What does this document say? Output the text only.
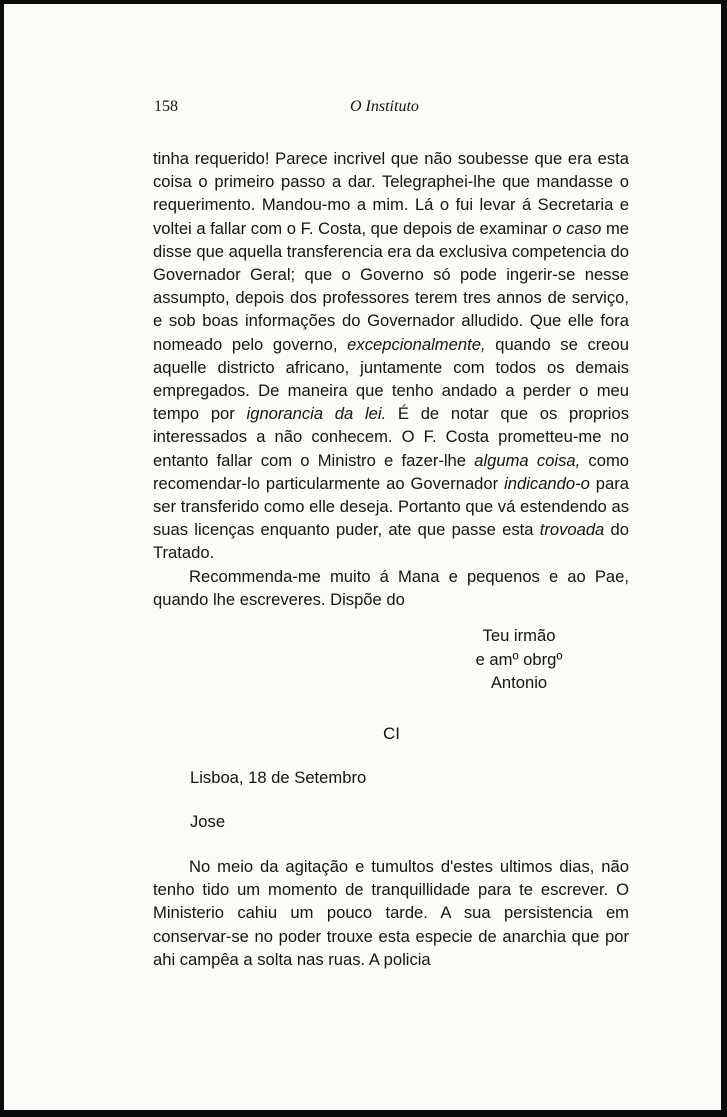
158	O Instituto

tinha requerido! Parece incrivel que não soubesse que era esta coisa o primeiro passo a dar. Telegraphei-lhe que mandasse o requerimento. Mandou-mo a mim. Lá o fui levar á Secretaria e voltei a fallar com o F. Costa, que depois de examinar o caso me disse que aquella transferencia era da exclusiva competencia do Governador Geral; que o Governo só pode ingerir-se nesse assumpto, depois dos professores terem tres annos de serviço, e sob boas informações do Governador alludido. Que elle fora nomeado pelo governo, excepcionalmente, quando se creou aquelle districto africano, juntamente com todos os demais empregados. De maneira que tenho andado a perder o meu tempo por ignorancia da lei. É de notar que os proprios interessados a não conhecem. O F. Costa prometteu-me no entanto fallar com o Ministro e fazer-lhe alguma coisa, como recomendar-lo particularmente ao Governador indicando-o para ser transferido como elle deseja. Portanto que vá estendendo as suas licenças enquanto puder, ate que passe esta trovoada do Tratado.

Recommenda-me muito á Mana e pequenos e ao Pae, quando lhe escreveres. Dispõe do

Teu irmão
e amº obrgº
Antonio
CI
Lisboa, 18 de Setembro
Jose

No meio da agitação e tumultos d'estes ultimos dias, não tenho tido um momento de tranquillidade para te escrever. O Ministerio cahiu um pouco tarde. A sua persistencia em conservar-se no poder trouxe esta especie de anarchia que por ahi campêa a solta nas ruas. A policia
